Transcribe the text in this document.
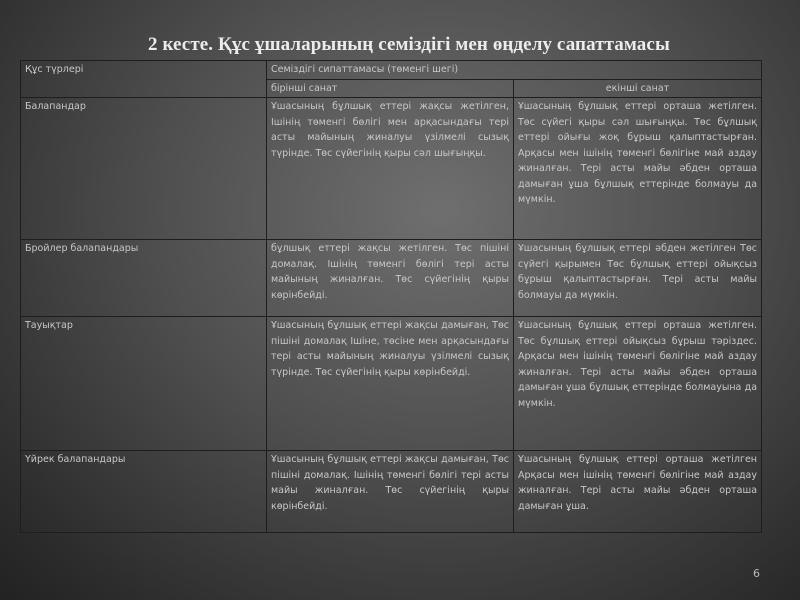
2 кесте. Құс ұшаларының семіздігі мен өңделу сапаттамасы
Құс түрлері	Семіздігі сипаттамасы (төменгі шегі)	
	бірінші санат	екінші санат
Балапандар	Ұшасының бұлшық еттері жақсы жетілген, Ішінің төменгі бөлігі мен арқасындағы тері асты майының жиналуы үзілмелі сызық түрінде. Төс сүйегінің қыры сәл шығыңқы.	Ұшасының бұлшық еттері орташа жетілген. Төс сүйегі қыры сәл шығыңқы. Төс бұлшық еттері ойығы жоқ бұрыш қалыптастырған. Арқасы мен ішінің төменгі бөлігіне май аздау жиналған. Тері асты майы әбден орташа дамыған ұша бұлшық еттерінде болмауы да мүмкін.
Бройлер балапандары	бұлшық еттері жақсы жетілген. Төс пішіні домалақ. Ішінің төменгі бөлігі тері асты майының жиналған. Төс сүйегінің қыры көрінбейді.	Ұшасының бұлшық еттері әбден жетілген Төс сүйегі қырымен Төс бұлшық еттері ойықсыз бұрыш қалыптастырған. Тері асты майы болмауы да мүмкін.
Тауықтар	Ұшасының бұлшық еттері жақсы дамыған, Төс пішіні домалақ Ішіне, төсіне мен арқасындағы тері асты майының жиналуы үзілмелі сызық түрінде. Төс сүйегінің қыры көрінбейді.	Ұшасының бұлшық еттері орташа жетілген. Төс бұлшық еттері ойықсыз бұрыш тәріздес. Арқасы мен ішінің төменгі бөлігіне май аздау жиналған. Тері асты майы әбден орташа дамыған ұша бұлшық еттерінде болмауына да мүмкін.
Үйрек балапандары	Ұшасының бұлшық еттері жақсы дамыған, Төс пішіні домалақ. Ішінің төменгі бөлігі тері асты майы жиналған. Төс сүйегінің қыры көрінбейді.	Ұшасының бұлшық еттері орташа жетілген Арқасы мен ішінің төменгі бөлігіне май аздау жиналған. Тері асты майы әбден орташа дамыған ұша.
6
